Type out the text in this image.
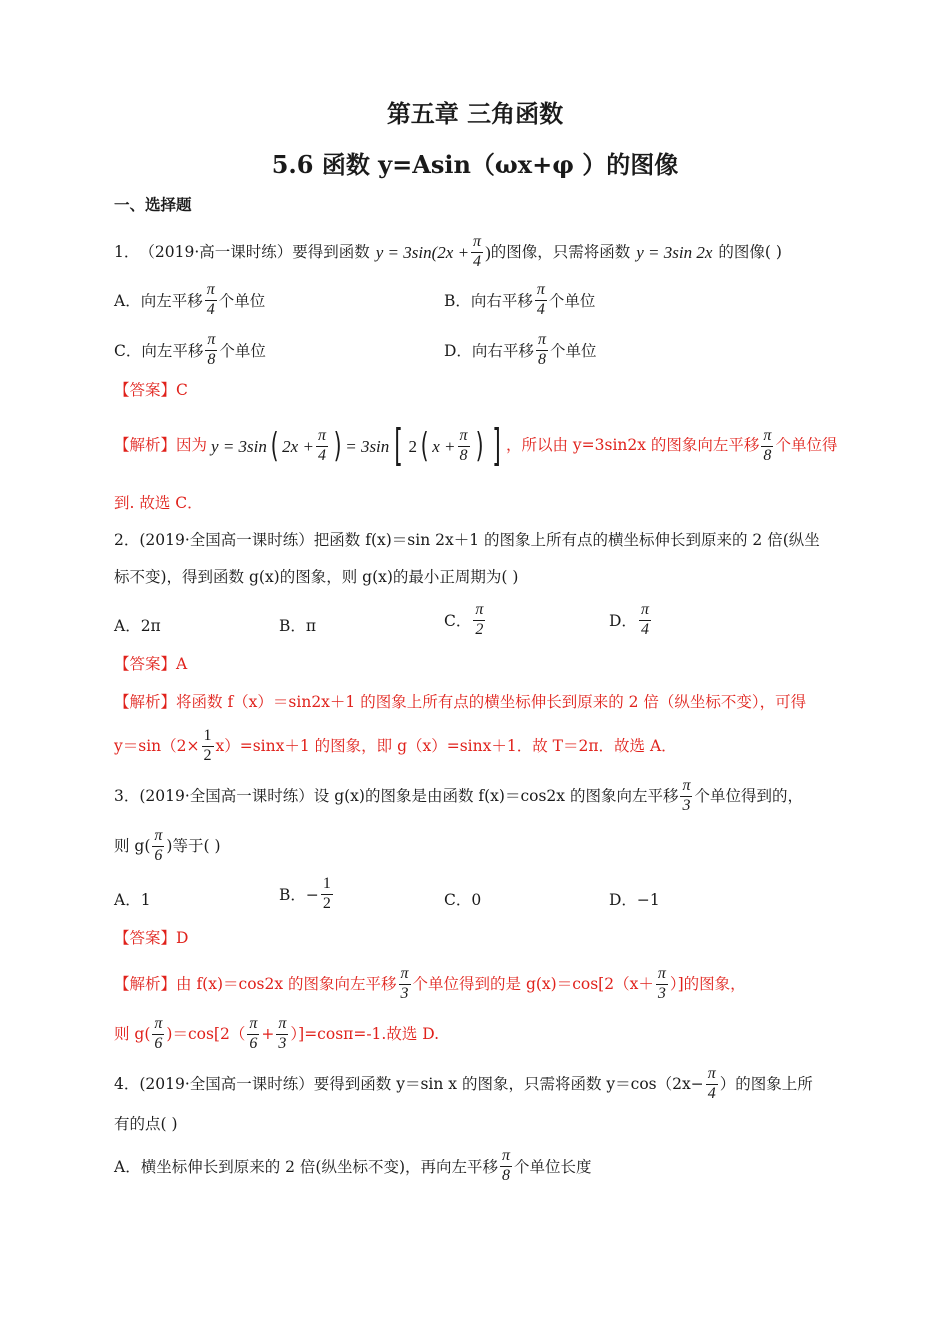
第五章 三角函数
5.6 函数 y=Asin（ωx+φ ）的图像
一、选择题
1． （2019·高一课时练）要得到函数 $y = 3\sin(2x + \frac{\pi}{4}$ ) 的图像，只需将函数 y = 3sin 2x 的图像( )
A．向左平移 $\frac{\pi}{4}$ 个单位	B．向右平移 $\frac{\pi}{4}$ 个单位
C．向左平移 $\frac{\pi}{8}$ 个单位	D．向右平移 $\frac{\pi}{8}$ 个单位
【答案】C
【解析】 因为 y = 3sin ( $2x + \frac{\pi}{4}$ ) = 3sin [ 2 ( $x + \frac{\pi}{8}$ ) ] ，所以由 y=3sin2x 的图象向左平移 $\frac{\pi}{8}$ 个单位得
到. 故选 C．
2．(2019·全国高一课时练）把函数 f(x)＝sin 2x＋1 的图象上所有点的横坐标伸长到原来的 2 倍(纵坐
标不变)，得到函数 g(x)的图象，则 g(x)的最小正周期为( )
A．2π	B．π	C． $\frac{\pi}{2}$	D． $\frac{\pi}{4}$
【答案】A
【解析】 将函数 f（x）＝sin2x＋1 的图象上所有点的横坐标伸长到原来的 2 倍（纵坐标不变），可得
$y=\sin(2\times \frac{1}{2} x)=\sin x+1$ 的图象，即 g（x）=sinx＋1．故 T＝2π．故选 A．
3．(2019·全国高一课时练）设 g(x)的图象是由函数 f(x)＝cos2x 的图象向左平移 $\frac{\pi}{3}$ 个单位得到的，
则 $g( \frac{\pi}{6}$ )等于( )
A．1	B．− $\frac{1}{2}$	C．0	D．−1
【答案】D
【解析】 由 f(x)＝cos2x 的图象向左平移 $\frac{\pi}{3}$ 个单位得到的是 $g(x)=\cos[2(x+ \frac{\pi}{3}$ ）]的图象，
则 $g( \frac{\pi}{6} )=\cos[2( \frac{\pi}{6} + \frac{\pi}{3} )]=\cos\pi=-1$.故选 D.
4．(2019·全国高一课时练）要得到函数 y＝sin x 的图象，只需将函数 $y=\cos(2x- \frac{\pi}{4}$ ）的图象上所
有的点( )
A．横坐标伸长到原来的 2 倍(纵坐标不变)，再向左平移 $\frac{\pi}{8}$ 个单位长度
